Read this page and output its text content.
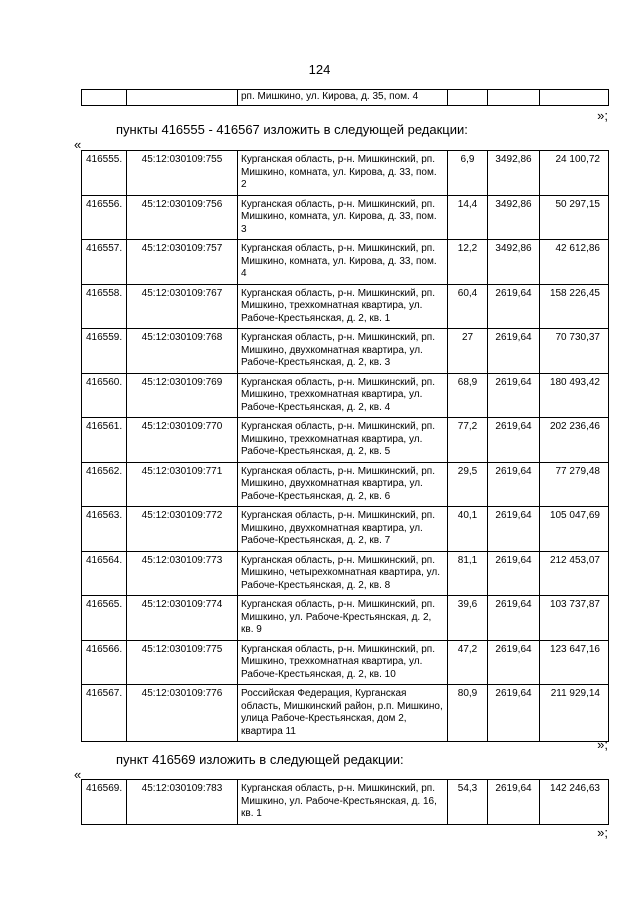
124
		рп. Мишкино, ул. Кирова, д. 35, пом. 4			
»;
пункты 416555 - 416567 изложить в следующей редакции:
«
416555.	45:12:030109:755	Курганская область, р-н. Мишкинский, рп. Мишкино, комната, ул. Кирова, д. 33, пом. 2	6,9	3492,86	24 100,72
416556.	45:12:030109:756	Курганская область, р-н. Мишкинский, рп. Мишкино, комната, ул. Кирова, д. 33, пом. 3	14,4	3492,86	50 297,15
416557.	45:12:030109:757	Курганская область, р-н. Мишкинский, рп. Мишкино, комната, ул. Кирова, д. 33, пом. 4	12,2	3492,86	42 612,86
416558.	45:12:030109:767	Курганская область, р-н. Мишкинский, рп. Мишкино, трехкомнатная квартира, ул. Рабоче-Крестьянская, д. 2, кв. 1	60,4	2619,64	158 226,45
416559.	45:12:030109:768	Курганская область, р-н. Мишкинский, рп. Мишкино, двухкомнатная квартира, ул. Рабоче-Крестьянская, д. 2, кв. 3	27	2619,64	70 730,37
416560.	45:12:030109:769	Курганская область, р-н. Мишкинский, рп. Мишкино, трехкомнатная квартира, ул. Рабоче-Крестьянская, д. 2, кв. 4	68,9	2619,64	180 493,42
416561.	45:12:030109:770	Курганская область, р-н. Мишкинский, рп. Мишкино, трехкомнатная квартира, ул. Рабоче-Крестьянская, д. 2, кв. 5	77,2	2619,64	202 236,46
416562.	45:12:030109:771	Курганская область, р-н. Мишкинский, рп. Мишкино, двухкомнатная квартира, ул. Рабоче-Крестьянская, д. 2, кв. 6	29,5	2619,64	77 279,48
416563.	45:12:030109:772	Курганская область, р-н. Мишкинский, рп. Мишкино, двухкомнатная квартира, ул. Рабоче-Крестьянская, д. 2, кв. 7	40,1	2619,64	105 047,69
416564.	45:12:030109:773	Курганская область, р-н. Мишкинский, рп. Мишкино, четырехкомнатная квартира, ул. Рабоче-Крестьянская, д. 2, кв. 8	81,1	2619,64	212 453,07
416565.	45:12:030109:774	Курганская область, р-н. Мишкинский, рп. Мишкино, ул. Рабоче-Крестьянская, д. 2, кв. 9	39,6	2619,64	103 737,87
416566.	45:12:030109:775	Курганская область, р-н. Мишкинский, рп. Мишкино, трехкомнатная квартира, ул. Рабоче-Крестьянская, д. 2, кв. 10	47,2	2619,64	123 647,16
416567.	45:12:030109:776	Российская Федерация, Курганская область, Мишкинский район, р.п. Мишкино, улица Рабоче-Крестьянская, дом 2, квартира 11	80,9	2619,64	211 929,14
»;
пункт 416569 изложить в следующей редакции:
«
416569.	45:12:030109:783	Курганская область, р-н. Мишкинский, рп. Мишкино, ул. Рабоче-Крестьянская, д. 16, кв. 1	54,3	2619,64	142 246,63
»;
